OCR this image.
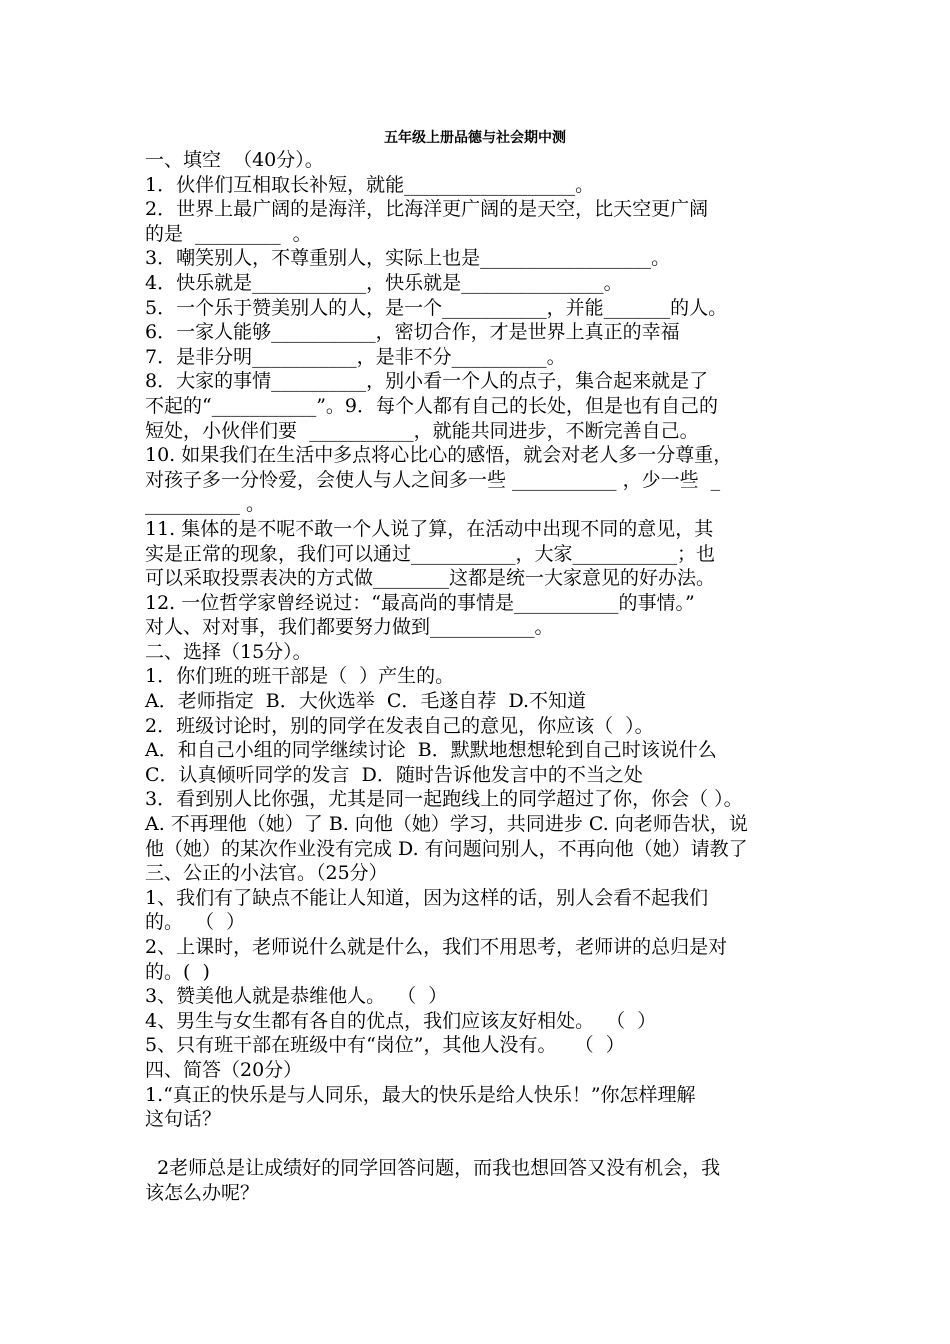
五年级上册品德与社会期中测
一、填空  （40分）。
1．伙伴们互相取长补短，就能__________________。
2．世界上最广阔的是海洋，比海洋更广阔的是天空，比天空更广阔
的是  _________  。
3．嘲笑别人，不尊重别人，实际上也是__________________。
4．快乐就是____________，快乐就是_______________。
5．一个乐于赞美别人的人，是一个___________，并能_______的人。
6．一家人能够___________，密切合作，才是世界上真正的幸福
7．是非分明___________，是非不分__________。
8．大家的事情__________，别小看一个人的点子，集合起来就是了
不起的“___________”。9．每个人都有自己的长处，但是也有自己的
短处，小伙伴们要  ___________，就能共同进步，不断完善自己。
10. 如果我们在生活中多点将心比心的感悟，就会对老人多一分尊重，
对孩子多一分怜爱，会使人与人之间多一些 ___________ ，少一些  _
__________ 。
11. 集体的是不呢不敢一个人说了算，在活动中出现不同的意见，其
实是正常的现象，我们可以通过___________，大家___________；也
可以采取投票表决的方式做________这都是统一大家意见的好办法。
12. 一位哲学家曾经说过：“最高尚的事情是___________的事情。”
对人、对对事，我们都要努力做到___________。
二、选择（15分）。
1．你们班的班干部是（  ）产生的。
A．老师指定  B．大伙选举  C．毛遂自荐  D.不知道
2．班级讨论时，别的同学在发表自己的意见，你应该（  ）。
A．和自己小组的同学继续讨论  B．默默地想想轮到自己时该说什么
C．认真倾听同学的发言  D．随时告诉他发言中的不当之处
3．看到别人比你强，尤其是同一起跑线上的同学超过了你，你会（ ）。
A. 不再理他（她）了 B. 向他（她）学习，共同进步 C. 向老师告状，说
他（她）的某次作业没有完成 D. 有问题问别人，不再向他（她）请教了
三、公正的小法官。（25分）
1、我们有了缺点不能让人知道，因为这样的话，别人会看不起我们
的。  （  ）
2、上课时，老师说什么就是什么，我们不用思考，老师讲的总归是对
的。(  )
3、赞美他人就是恭维他人。  （  ）
4、男生与女生都有各自的优点，我们应该友好相处。  （  ）
5、只有班干部在班级中有“岗位”，其他人没有。   （  ）
四、简答（20分）
1.“真正的快乐是与人同乐，最大的快乐是给人快乐！”你怎样理解
这句话？
2老师总是让成绩好的同学回答问题，而我也想回答又没有机会，我
该怎么办呢？
